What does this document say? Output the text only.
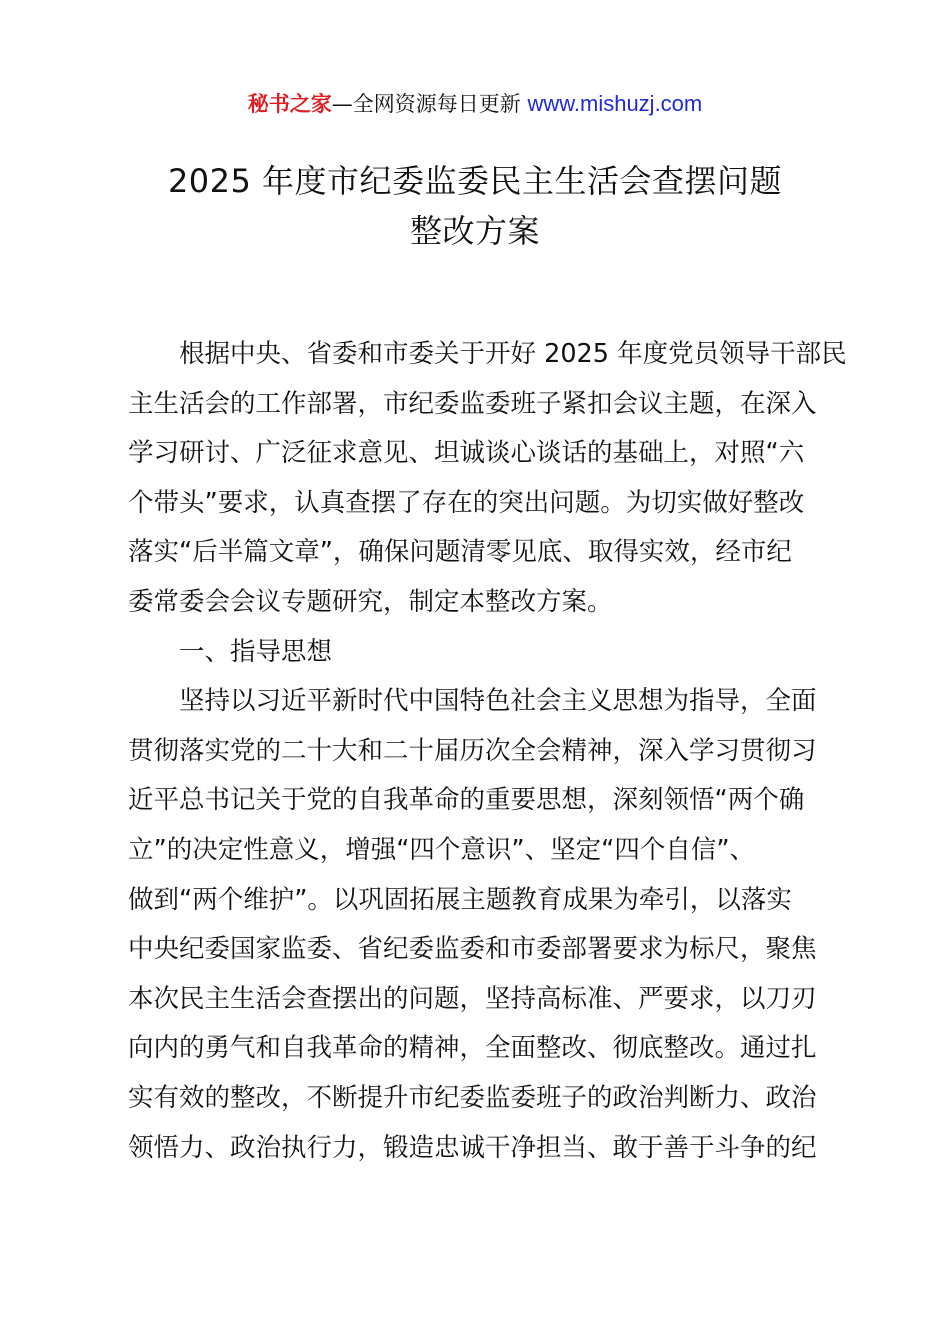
秘书之家—全网资源每日更新 www.mishuzj.com
2025 年度市纪委监委民主生活会查摆问题
整改方案
根据中央、省委和市委关于开好 2025 年度党员领导干部民
主生活会的工作部署，市纪委监委班子紧扣会议主题，在深入
学习研讨、广泛征求意见、坦诚谈心谈话的基础上，对照“六
个带头”要求，认真查摆了存在的突出问题。为切实做好整改
落实“后半篇文章”，确保问题清零见底、取得实效，经市纪
委常委会会议专题研究，制定本整改方案。
一、指导思想
坚持以习近平新时代中国特色社会主义思想为指导，全面
贯彻落实党的二十大和二十届历次全会精神，深入学习贯彻习
近平总书记关于党的自我革命的重要思想，深刻领悟“两个确
立”的决定性意义，增强“四个意识”、坚定“四个自信”、
做到“两个维护”。以巩固拓展主题教育成果为牵引，以落实
中央纪委国家监委、省纪委监委和市委部署要求为标尺，聚焦
本次民主生活会查摆出的问题，坚持高标准、严要求，以刀刃
向内的勇气和自我革命的精神，全面整改、彻底整改。通过扎
实有效的整改，不断提升市纪委监委班子的政治判断力、政治
领悟力、政治执行力，锻造忠诚干净担当、敢于善于斗争的纪
